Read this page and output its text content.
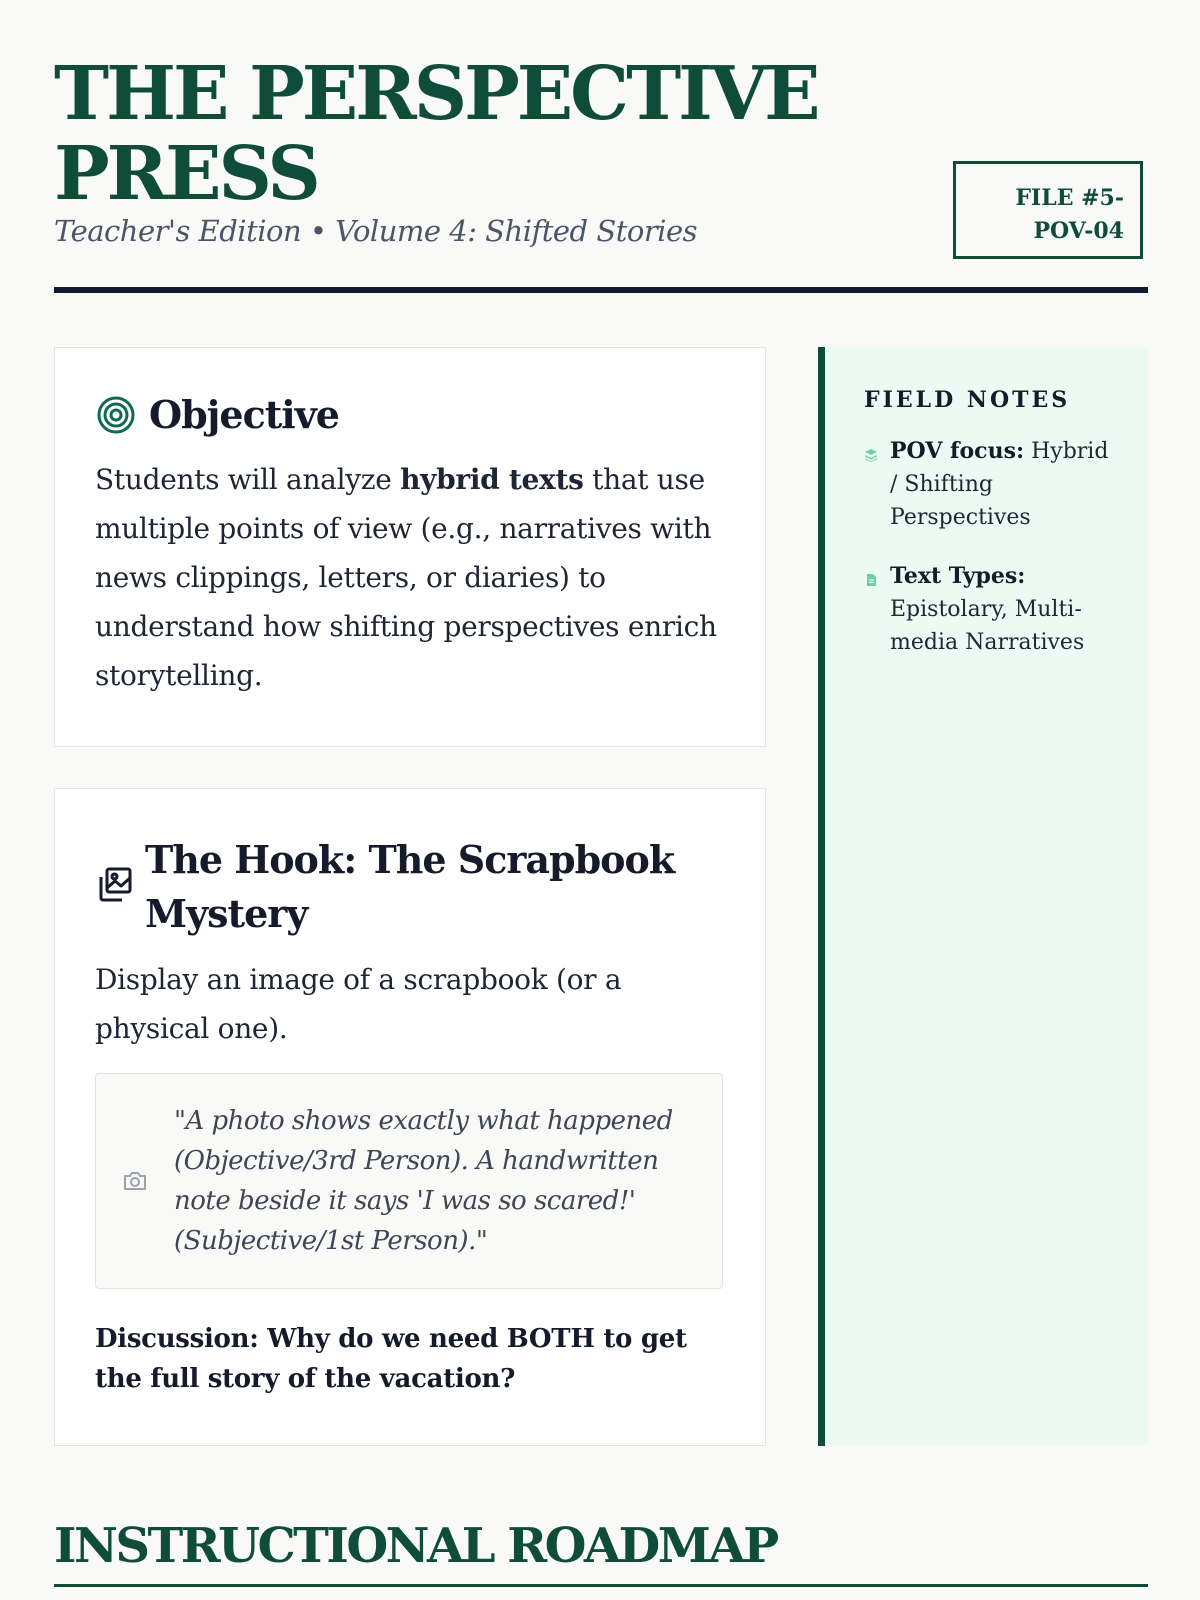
THE PERSPECTIVE PRESS
Teacher's Edition • Volume 4: Shifted Stories
FILE #5-POV-04
Objective

Students will analyze hybrid texts that use multiple points of view (e.g., narratives with news clippings, letters, or diaries) to understand how shifting perspectives enrich storytelling.

The Hook: The Scrapbook Mystery

Display an image of a scrapbook (or a physical one).

"A photo shows exactly what happened (Objective/3rd Person). A handwritten note beside it says 'I was so scared!' (Subjective/1st Person)."
Discussion: Why do we need BOTH to get the full story of the vacation?
FIELD NOTES
POV focus: Hybrid / Shifting Perspectives
Text Types: Epistolary, Multi-media Narratives
INSTRUCTIONAL ROADMAP
